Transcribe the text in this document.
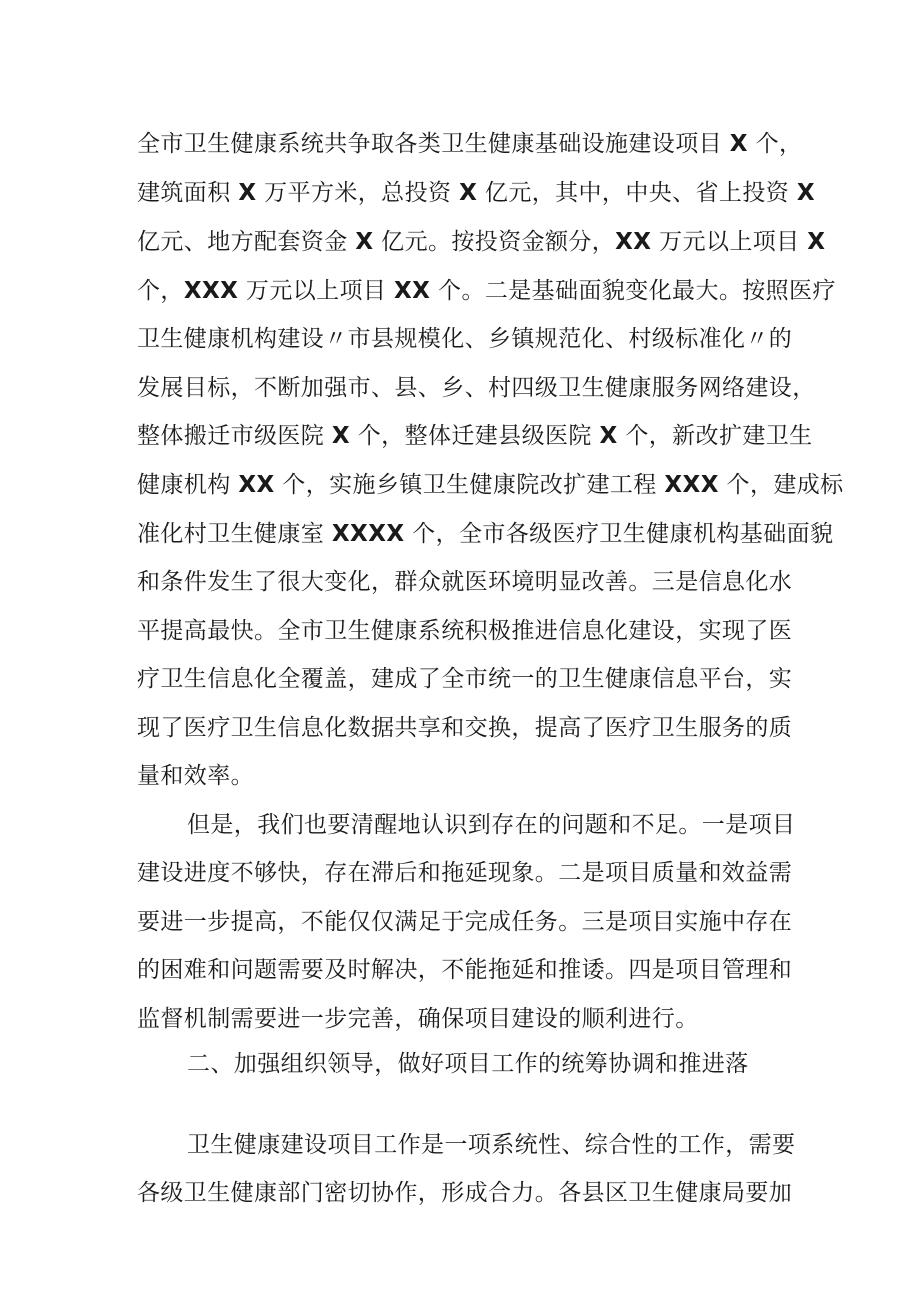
全市卫生健康系统共争取各类卫生健康基础设施建设项目 X 个，

建筑面积 X 万平方米，总投资 X 亿元，其中，中央、省上投资 X

亿元、地方配套资金 X 亿元。按投资金额分，XX 万元以上项目 X

个，XXX 万元以上项目 XX 个。二是基础面貌变化最大。按照医疗

卫生健康机构建设〃市县规模化、乡镇规范化、村级标准化〃的

发展目标，不断加强市、县、乡、村四级卫生健康服务网络建设，

整体搬迁市级医院 X 个，整体迁建县级医院 X 个，新改扩建卫生

健康机构 XX 个，实施乡镇卫生健康院改扩建工程 XXX 个，建成标

准化村卫生健康室 XXXX 个，全市各级医疗卫生健康机构基础面貌

和条件发生了很大变化，群众就医环境明显改善。三是信息化水

平提高最快。全市卫生健康系统积极推进信息化建设，实现了医

疗卫生信息化全覆盖，建成了全市统一的卫生健康信息平台，实

现了医疗卫生信息化数据共享和交换，提高了医疗卫生服务的质

量和效率。

但是，我们也要清醒地认识到存在的问题和不足。一是项目

建设进度不够快，存在滞后和拖延现象。二是项目质量和效益需

要进一步提高，不能仅仅满足于完成任务。三是项目实施中存在

的困难和问题需要及时解决，不能拖延和推诿。四是项目管理和

监督机制需要进一步完善，确保项目建设的顺利进行。

二、加强组织领导，做好项目工作的统筹协调和推进落

卫生健康建设项目工作是一项系统性、综合性的工作，需要

各级卫生健康部门密切协作，形成合力。各县区卫生健康局要加
